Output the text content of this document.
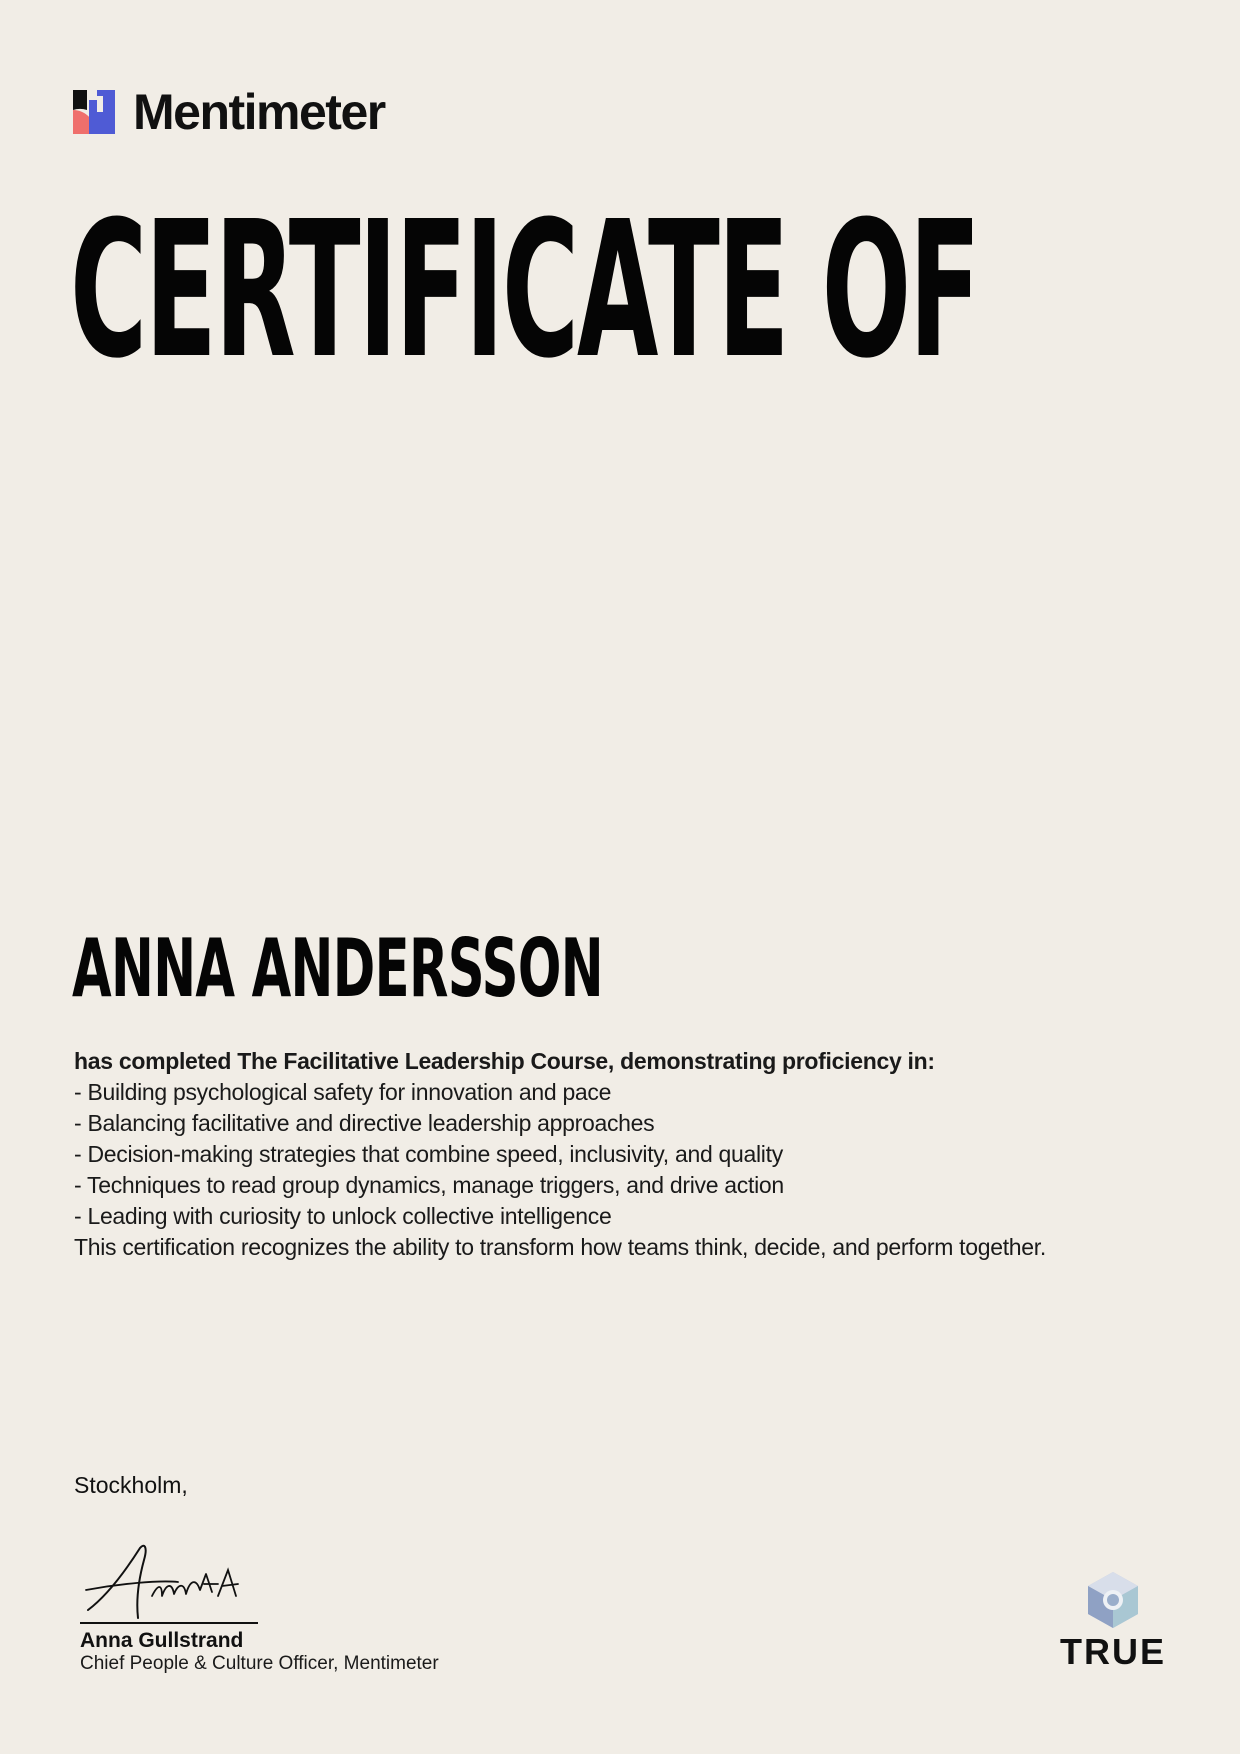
Mentimeter
CERTIFICATE OF
ANNA ANDERSSON
has completed The Facilitative Leadership Course, demonstrating proficiency in:
- Building psychological safety for innovation and pace
- Balancing facilitative and directive leadership approaches
- Decision-making strategies that combine speed, inclusivity, and quality
- Techniques to read group dynamics, manage triggers, and drive action
- Leading with curiosity to unlock collective intelligence
This certification recognizes the ability to transform how teams think, decide, and perform together.
Stockholm,
Anna Gullstrand
Chief People & Culture Officer, Mentimeter	TRUE
